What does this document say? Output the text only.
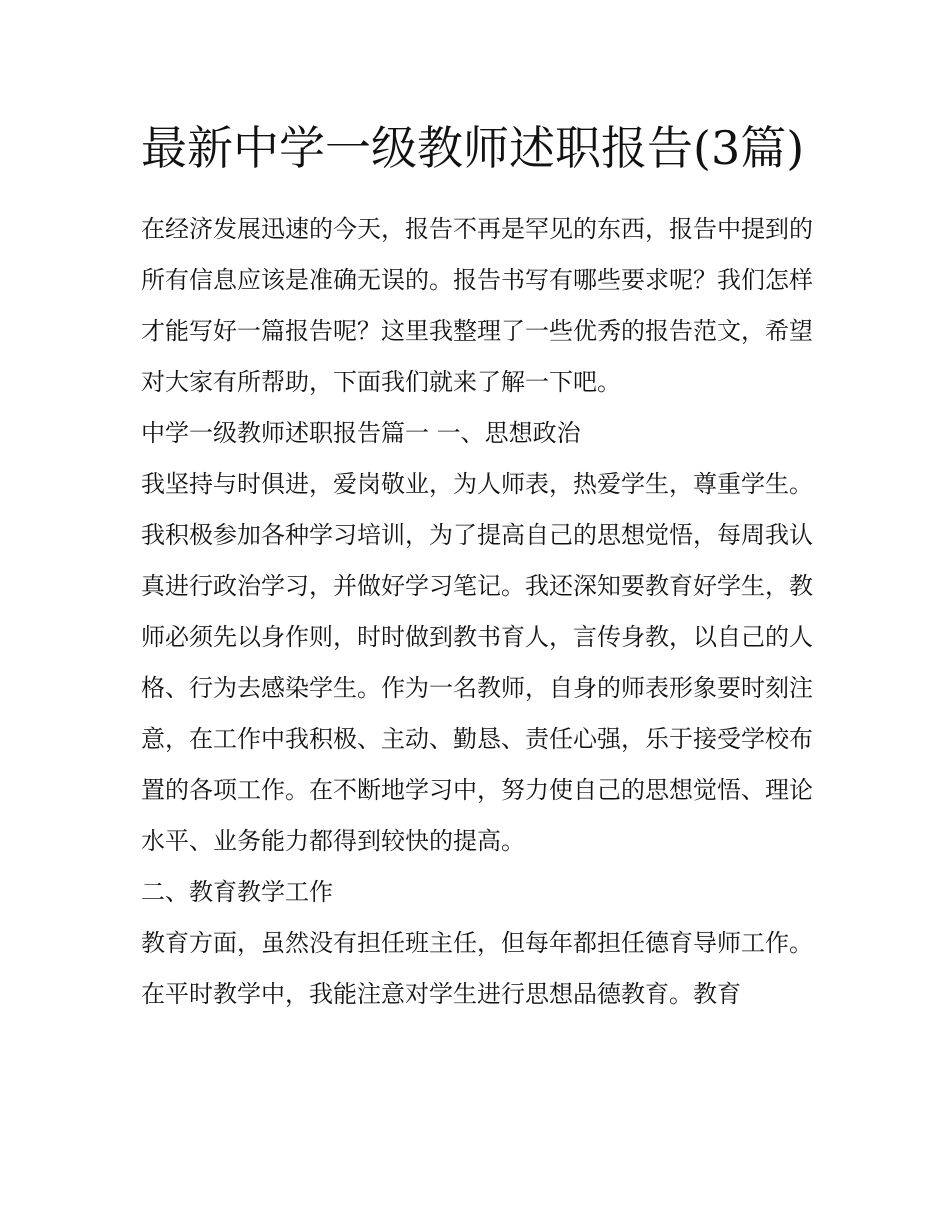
最新中学一级教师述职报告(3篇)

在经济发展迅速的今天，报告不再是罕见的东西，报告中提到的所有信息应该是准确无误的。报告书写有哪些要求呢？我们怎样才能写好一篇报告呢？这里我整理了一些优秀的报告范文，希望对大家有所帮助，下面我们就来了解一下吧。

中学一级教师述职报告篇一 一、思想政治

我坚持与时俱进，爱岗敬业，为人师表，热爱学生，尊重学生。我积极参加各种学习培训，为了提高自己的思想觉悟，每周我认真进行政治学习，并做好学习笔记。我还深知要教育好学生，教师必须先以身作则，时时做到教书育人，言传身教，以自己的人格、行为去感染学生。作为一名教师，自身的师表形象要时刻注意，在工作中我积极、主动、勤恳、责任心强，乐于接受学校布置的各项工作。在不断地学习中，努力使自己的思想觉悟、理论水平、业务能力都得到较快的提高。

二、教育教学工作

教育方面，虽然没有担任班主任，但每年都担任德育导师工作。在平时教学中，我能注意对学生进行思想品德教育。教育
